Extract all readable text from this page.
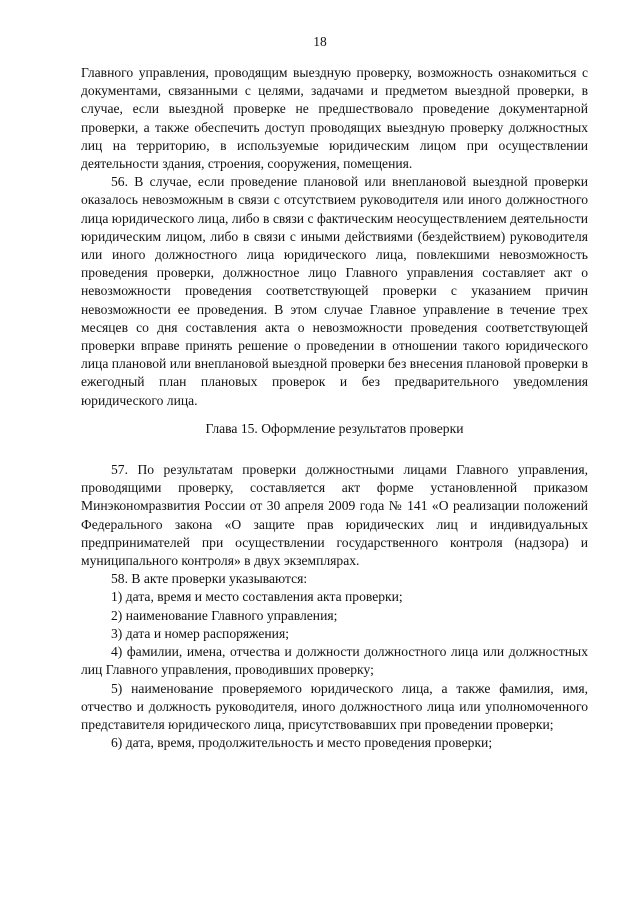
18

Главного управления, проводящим выездную проверку, возможность ознакомиться с документами, связанными с целями, задачами и предметом выездной проверки, в случае, если выездной проверке не предшествовало проведение документарной проверки, а также обеспечить доступ проводящих выездную проверку должностных лиц на территорию, в используемые юридическим лицом при осуществлении деятельности здания, строения, сооружения, помещения.

56. В случае, если проведение плановой или внеплановой выездной проверки оказалось невозможным в связи с отсутствием руководителя или иного должностного лица юридического лица, либо в связи с фактическим неосуществлением деятельности юридическим лицом, либо в связи с иными действиями (бездействием) руководителя или иного должностного лица юридического лица, повлекшими невозможность проведения проверки, должностное лицо Главного управления составляет акт о невозможности проведения соответствующей проверки с указанием причин невозможности ее проведения. В этом случае Главное управление в течение трех месяцев со дня составления акта о невозможности проведения соответствующей проверки вправе принять решение о проведении в отношении такого юридического лица плановой или внеплановой выездной проверки без внесения плановой проверки в ежегодный план плановых проверок и без предварительного уведомления юридического лица.

Глава 15. Оформление результатов проверки

57. По результатам проверки должностными лицами Главного управления, проводящими проверку, составляется акт форме установленной приказом Минэкономразвития России от 30 апреля 2009 года № 141 «О реализации положений Федерального закона «О защите прав юридических лиц и индивидуальных предпринимателей при осуществлении государственного контроля (надзора) и муниципального контроля» в двух экземплярах.

58. В акте проверки указываются:

1) дата, время и место составления акта проверки;

2) наименование Главного управления;

3) дата и номер распоряжения;

4) фамилии, имена, отчества и должности должностного лица или должностных лиц Главного управления, проводивших проверку;

5) наименование проверяемого юридического лица, а также фамилия, имя, отчество и должность руководителя, иного должностного лица или уполномоченного представителя юридического лица, присутствовавших при проведении проверки;

6) дата, время, продолжительность и место проведения проверки;
